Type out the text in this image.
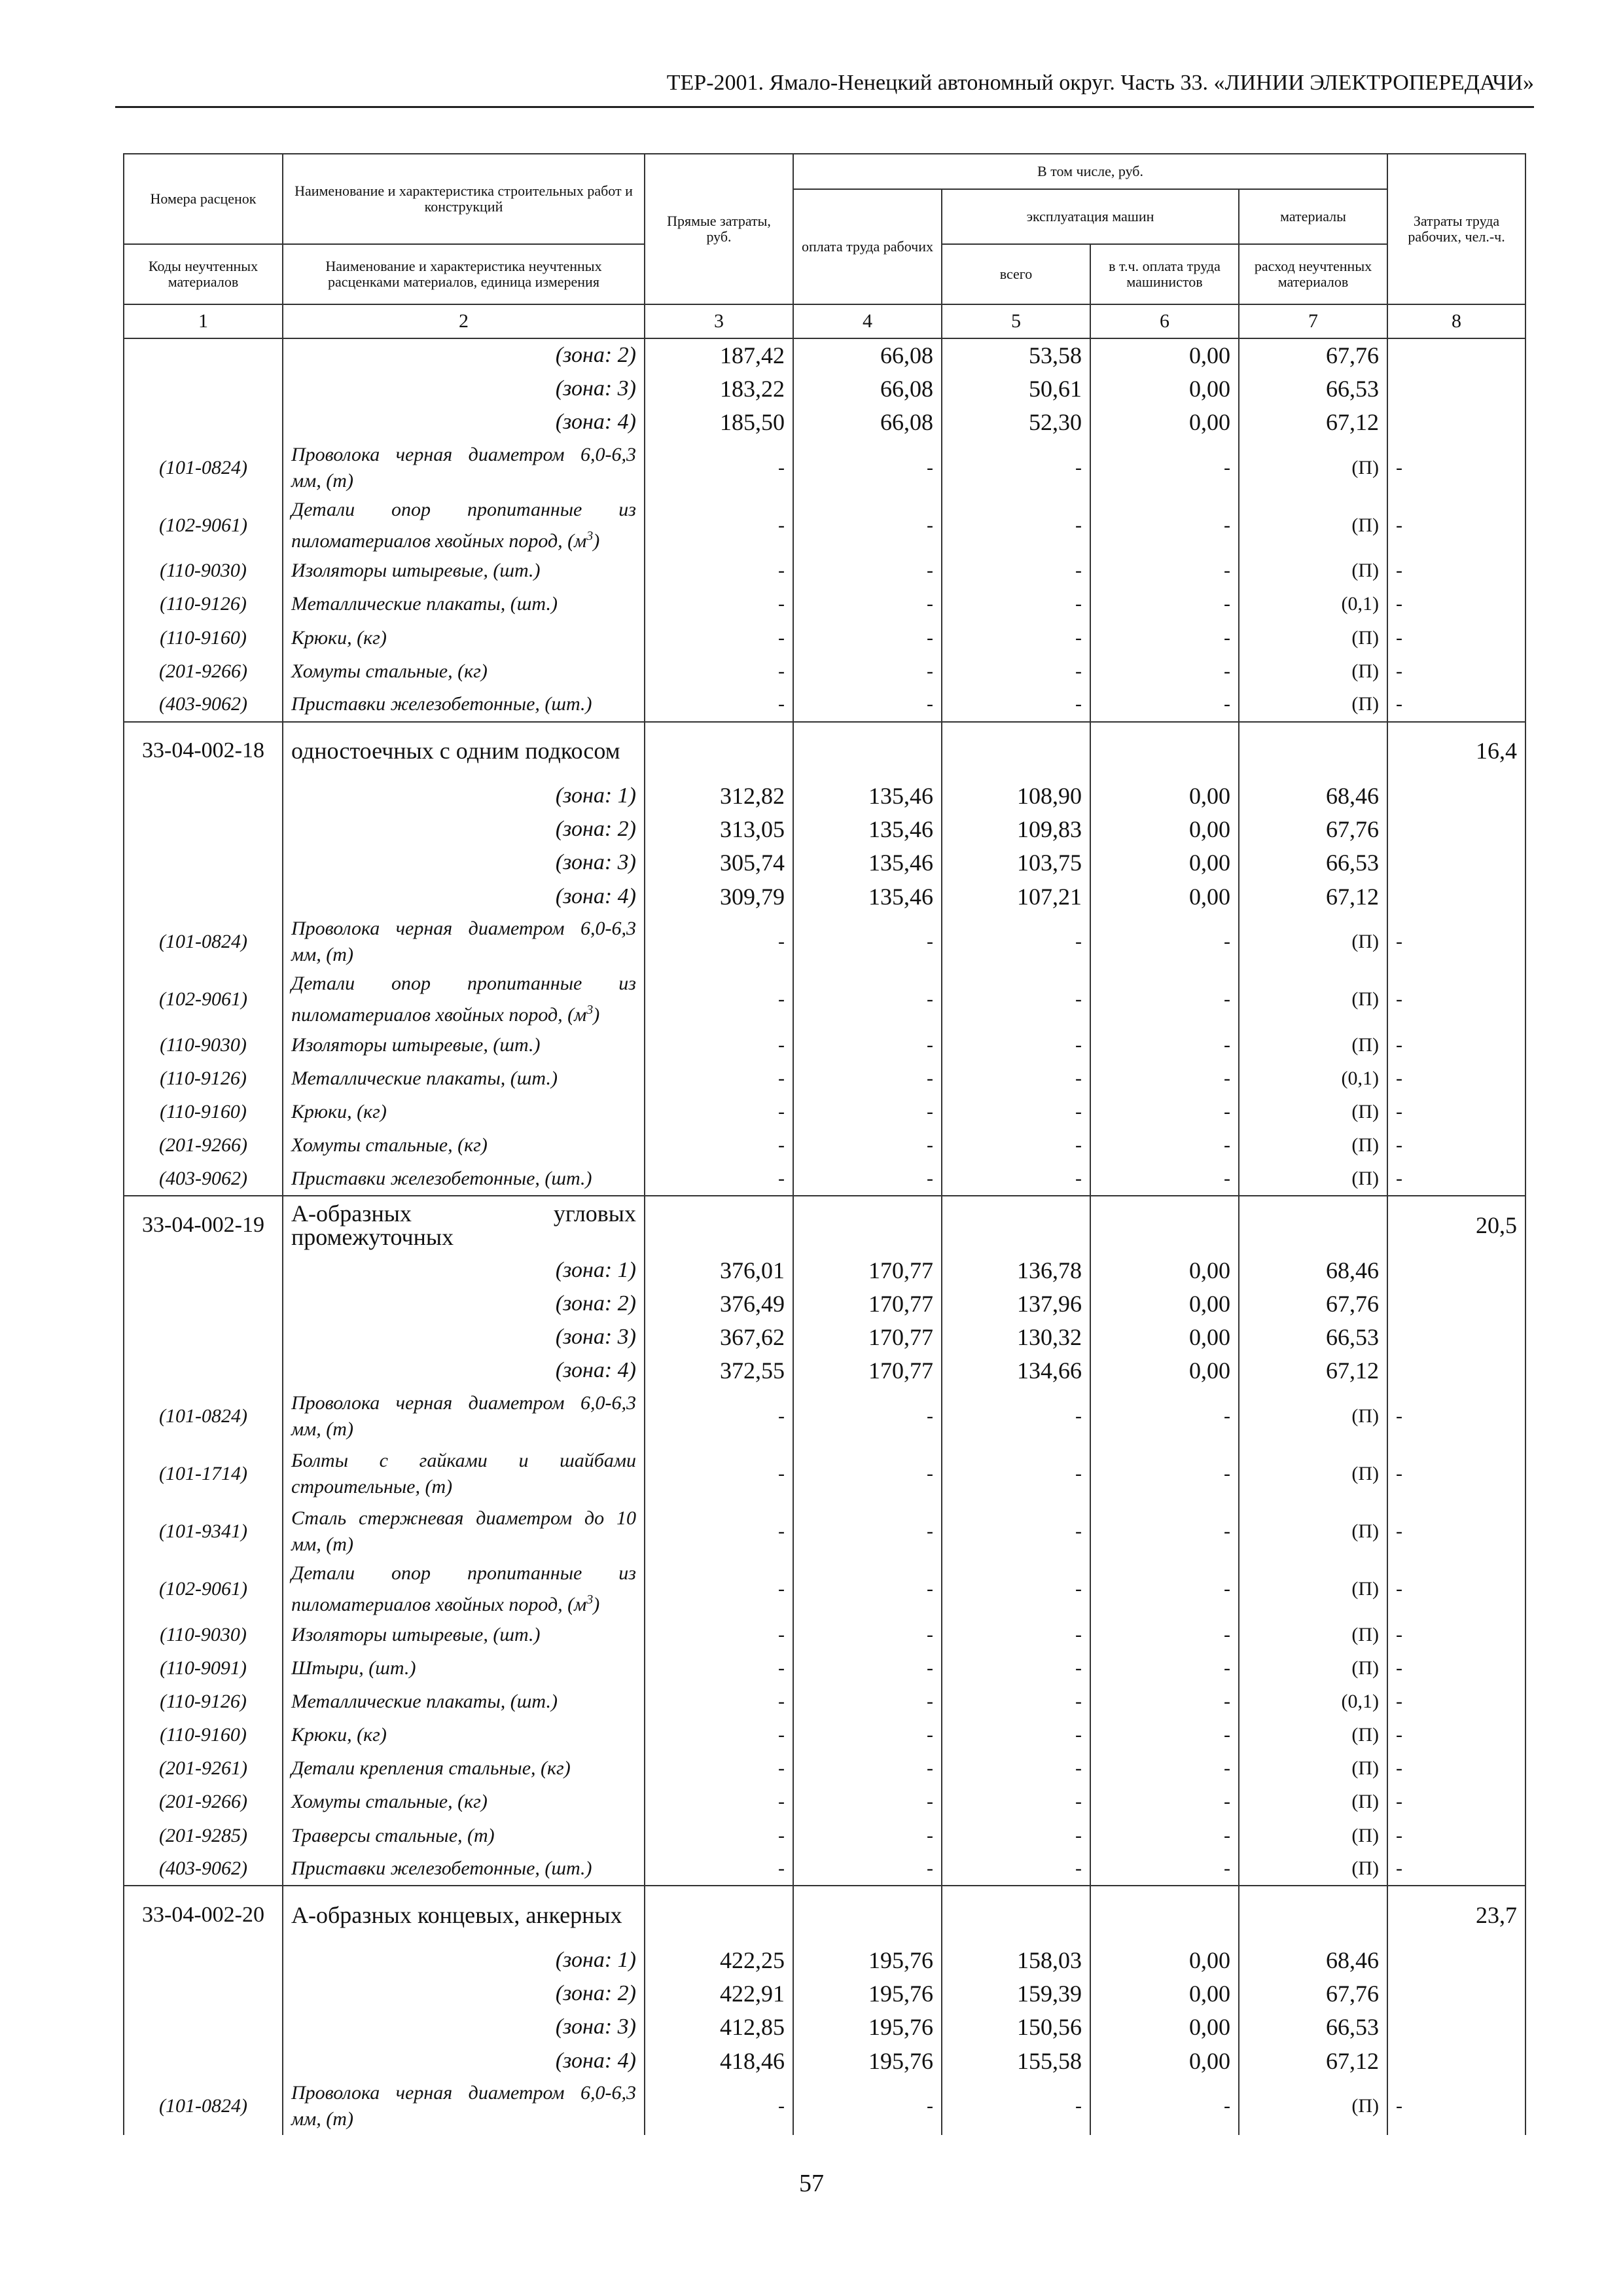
ТЕР-2001. Ямало-Ненецкий автономный округ. Часть 33. «ЛИНИИ ЭЛЕКТРОПЕРЕДАЧИ»
Номера расценок	Наименование и характеристика строительных работ и конструкций	Прямые затраты, руб.	В том числе, руб.				Затраты труда рабочих, чел.-ч.
			оплата труда рабочих	эксплуатация машин		материалы	
Коды неучтенных материалов	Наименование и характеристика неучтенных расценками материалов, единица измерения			всего	в т.ч. оплата труда машинистов	расход неучтенных материалов	
1	2	3	4	5	6	7	8
	(зона: 2)	187,42	66,08	53,58	0,00	67,76	
	(зона: 3)	183,22	66,08	50,61	0,00	66,53	
	(зона: 4)	185,50	66,08	52,30	0,00	67,12	
(101-0824)	Проволока черная диаметром 6,0-6,3 мм, (т)	-	-	-	-	(П)	-
(102-9061)	Детали опор пропитанные из пиломатериалов хвойных пород, $(м^3)$	-	-	-	-	(П)	-
(110-9030)	Изоляторы штыревые, (шт.)	-	-	-	-	(П)	-
(110-9126)	Металлические плакаты, (шт.)	-	-	-	-	(0,1)	-
(110-9160)	Крюки, (кг)	-	-	-	-	(П)	-
(201-9266)	Хомуты стальные, (кг)	-	-	-	-	(П)	-
(403-9062)	Приставки железобетонные, (шт.)	-	-	-	-	(П)	-
33-04-002-18	одностоечных с одним подкосом						16,4
	(зона: 1)	312,82	135,46	108,90	0,00	68,46	
	(зона: 2)	313,05	135,46	109,83	0,00	67,76	
	(зона: 3)	305,74	135,46	103,75	0,00	66,53	
	(зона: 4)	309,79	135,46	107,21	0,00	67,12	
(101-0824)	Проволока черная диаметром 6,0-6,3 мм, (т)	-	-	-	-	(П)	-
(102-9061)	Детали опор пропитанные из пиломатериалов хвойных пород, $(м^3)$	-	-	-	-	(П)	-
(110-9030)	Изоляторы штыревые, (шт.)	-	-	-	-	(П)	-
(110-9126)	Металлические плакаты, (шт.)	-	-	-	-	(0,1)	-
(110-9160)	Крюки, (кг)	-	-	-	-	(П)	-
(201-9266)	Хомуты стальные, (кг)	-	-	-	-	(П)	-
(403-9062)	Приставки железобетонные, (шт.)	-	-	-	-	(П)	-
33-04-002-19	А-образных угловых промежуточных						20,5
	(зона: 1)	376,01	170,77	136,78	0,00	68,46	
	(зона: 2)	376,49	170,77	137,96	0,00	67,76	
	(зона: 3)	367,62	170,77	130,32	0,00	66,53	
	(зона: 4)	372,55	170,77	134,66	0,00	67,12	
(101-0824)	Проволока черная диаметром 6,0-6,3 мм, (т)	-	-	-	-	(П)	-
(101-1714)	Болты с гайками и шайбами строительные, (т)	-	-	-	-	(П)	-
(101-9341)	Сталь стержневая диаметром до 10 мм, (т)	-	-	-	-	(П)	-
(102-9061)	Детали опор пропитанные из пиломатериалов хвойных пород, $(м^3)$	-	-	-	-	(П)	-
(110-9030)	Изоляторы штыревые, (шт.)	-	-	-	-	(П)	-
(110-9091)	Штыри, (шт.)	-	-	-	-	(П)	-
(110-9126)	Металлические плакаты, (шт.)	-	-	-	-	(0,1)	-
(110-9160)	Крюки, (кг)	-	-	-	-	(П)	-
(201-9261)	Детали крепления стальные, (кг)	-	-	-	-	(П)	-
(201-9266)	Хомуты стальные, (кг)	-	-	-	-	(П)	-
(201-9285)	Траверсы стальные, (т)	-	-	-	-	(П)	-
(403-9062)	Приставки железобетонные, (шт.)	-	-	-	-	(П)	-
33-04-002-20	А-образных концевых, анкерных						23,7
	(зона: 1)	422,25	195,76	158,03	0,00	68,46	
	(зона: 2)	422,91	195,76	159,39	0,00	67,76	
	(зона: 3)	412,85	195,76	150,56	0,00	66,53	
	(зона: 4)	418,46	195,76	155,58	0,00	67,12	
(101-0824)	Проволока черная диаметром 6,0-6,3 мм, (т)	-	-	-	-	(П)	-
57
